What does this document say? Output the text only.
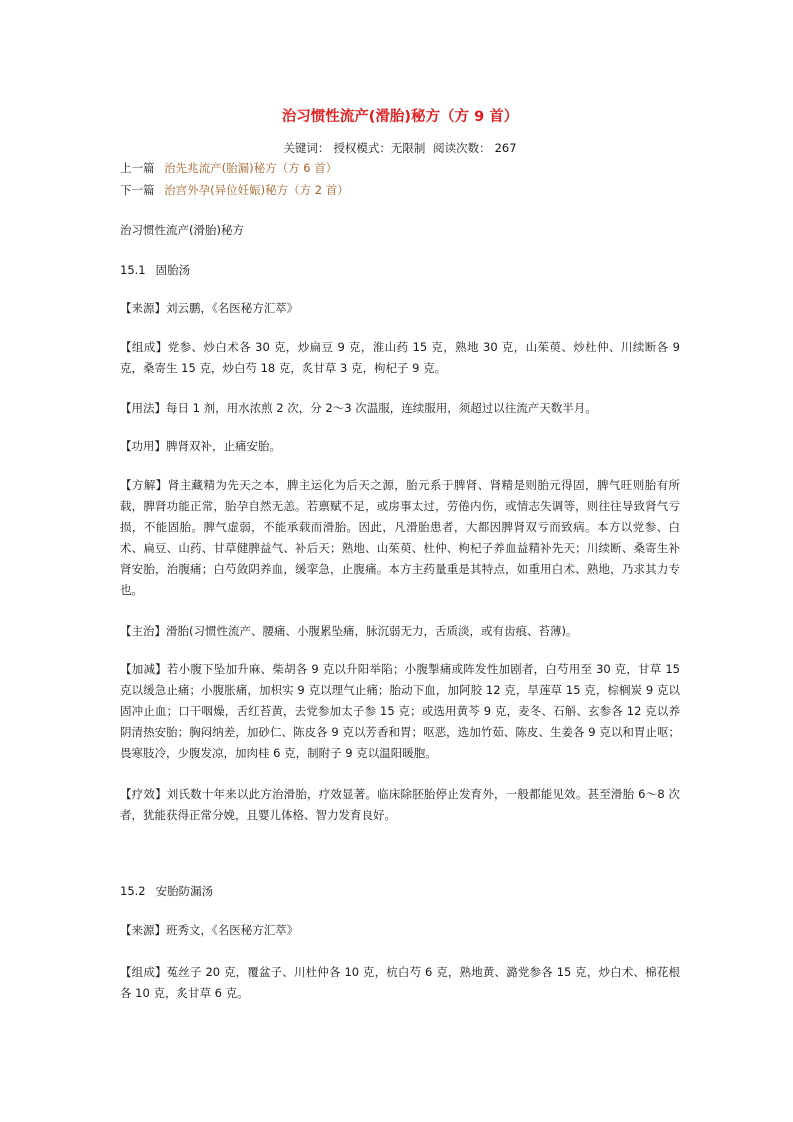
治习惯性流产(滑胎)秘方（方 9 首）
关键词： 授权模式：无限制 阅读次数： 267
上一篇 治先兆流产(胎漏)秘方（方 6 首）
下一篇 治宫外孕(异位妊娠)秘方（方 2 首）
治习惯性流产(滑胎)秘方
15.1 固胎汤
【来源】刘云鹏，《名医秘方汇萃》
【组成】党参、炒白术各 30 克，炒扁豆 9 克，淮山药 15 克，熟地 30 克，山茱萸、炒杜仲、川续断各 9 克，桑寄生 15 克，炒白芍 18 克，炙甘草 3 克，枸杞子 9 克。
【用法】每日 1 剂，用水浓煎 2 次，分 2～3 次温服，连续服用，须超过以往流产天数半月。
【功用】脾肾双补，止痛安胎。
【方解】肾主藏精为先天之本，脾主运化为后天之源，胎元系于脾肾、肾精是则胎元得固，脾气旺则胎有所载，脾肾功能正常，胎孕自然无恙。若禀赋不足，或房事太过，劳倦内伤，或情志失调等，则往往导致肾气亏损，不能固胎。脾气虚弱，不能承载而滑胎。因此，凡滑胎患者，大都因脾肾双亏而致病。本方以党参、白术、扁豆、山药、甘草健脾益气、补后天；熟地、山茱萸、杜仲、枸杞子养血益精补先天；川续断、桑寄生补肾安胎，治腹痛；白芍敛阴养血，缓挛急，止腹痛。本方主药量重是其特点，如重用白术、熟地，乃求其力专也。
【主治】滑胎(习惯性流产、腰痛、小腹累坠痛，脉沉弱无力，舌质淡，或有齿痕、苔薄)。
【加减】若小腹下坠加升麻、柴胡各 9 克以升阳举陷；小腹掣痛或阵发性加剧者，白芍用至 30 克，甘草 15 克以缓急止痛；小腹胀痛，加枳实 9 克以理气止痛；胎动下血，加阿胶 12 克，旱莲草 15 克，棕榈炭 9 克以固冲止血；口干咽燥，舌红苔黄，去党参加太子参 15 克；或选用黄芩 9 克，麦冬、石斛、玄参各 12 克以养阴清热安胎；胸闷纳差，加砂仁、陈皮各 9 克以芳香和胃；呕恶，选加竹茹、陈皮、生姜各 9 克以和胃止呕；畏寒肢冷，少腹发凉，加肉桂 6 克，制附子 9 克以温阳暖胞。
【疗效】刘氏数十年来以此方治滑胎，疗效显著。临床除胚胎停止发育外，一般都能见效。甚至滑胎 6～8 次者，犹能获得正常分娩，且婴儿体格、智力发育良好。
15.2 安胎防漏汤
【来源】班秀文，《名医秘方汇萃》
【组成】菟丝子 20 克，覆盆子、川杜仲各 10 克，杭白芍 6 克，熟地黄、潞党参各 15 克，炒白术、棉花根各 10 克，炙甘草 6 克。
